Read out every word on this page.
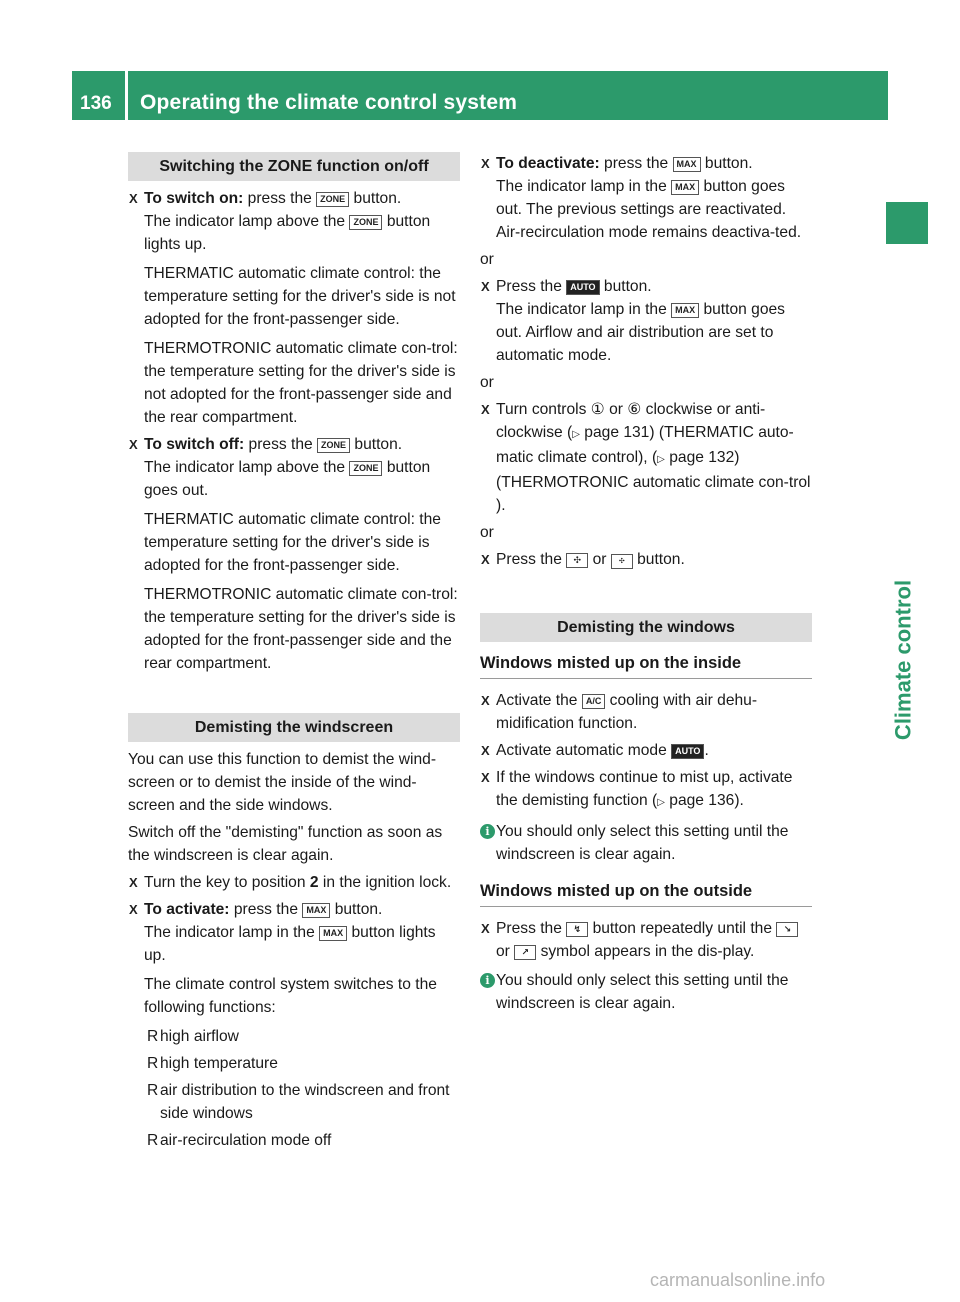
136 Operating the climate control system
Climate control
Switching the ZONE function on/off
X To switch on: press the ZONE button.
The indicator lamp above the ZONE button lights up.

THERMATIC automatic climate control: the temperature setting for the driver's side is not adopted for the front-passenger side.

THERMOTRONIC automatic climate con-trol: the temperature setting for the driver's side is not adopted for the front-passenger side and the rear compartment.

X To switch off: press the ZONE button.
The indicator lamp above the ZONE button goes out.

THERMATIC automatic climate control: the temperature setting for the driver's side is adopted for the front-passenger side.

THERMOTRONIC automatic climate con-trol: the temperature setting for the driver's side is adopted for the front-passenger side and the rear compartment.

Demisting the windscreen

You can use this function to demist the wind-screen or to demist the inside of the wind-screen and the side windows.

Switch off the "demisting" function as soon as the windscreen is clear again.

X Turn the key to position 2 in the ignition lock.
X To activate: press the MAX button.
The indicator lamp in the MAX button lights up.

The climate control system switches to the following functions:

R high airflow
R high temperature
R air distribution to the windscreen and front side windows
R air-recirculation mode off
X To deactivate: press the MAX button.
The indicator lamp in the MAX button goes out. The previous settings are reactivated. Air-recirculation mode remains deactiva-ted.

or

X Press the AUTO button.
The indicator lamp in the MAX button goes out. Airflow and air distribution are set to automatic mode.

or

X Turn controls ① or ⑥ clockwise or anti-clockwise (▷ page 131) (THERMATIC auto-matic climate control), (▷ page 132) (THERMOTRONIC automatic climate con-trol ).

or

X Press the ✣ or ✣ button.
Demisting the windows
Windows misted up on the inside
X Activate the A/C cooling with air dehu-midification function.
X Activate automatic mode AUTO .
X If the windows continue to mist up, activate the demisting function (▷ page 136).
i You should only select this setting until the windscreen is clear again.
Windows misted up on the outside
X Press the ↯ button repeatedly until the ↘ or ↗ symbol appears in the dis-play.
i You should only select this setting until the windscreen is clear again.
carmanualsonline.info
